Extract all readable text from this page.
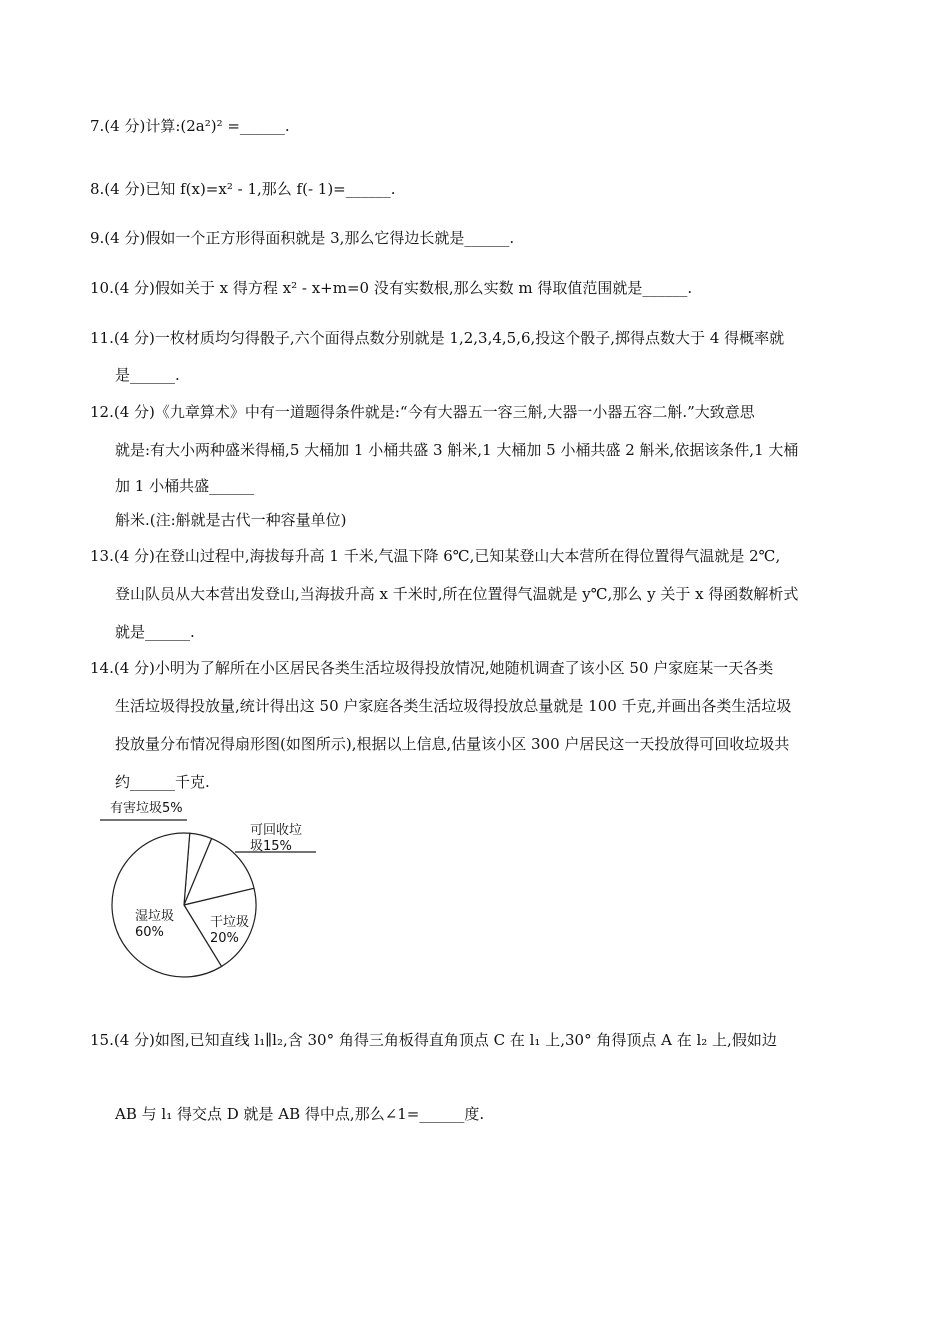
7.(4 分)计算:(2a²)² =______.
8.(4 分)已知 f(x)=x² - 1,那么 f(- 1)=______.
9.(4 分)假如一个正方形得面积就是 3,那么它得边长就是______.
10.(4 分)假如关于 x 得方程 x² - x+m=0 没有实数根,那么实数 m 得取值范围就是______.
11.(4 分)一枚材质均匀得骰子,六个面得点数分别就是 1,2,3,4,5,6,投这个骰子,掷得点数大于 4 得概率就
是______.
12.(4 分)《九章算术》中有一道题得条件就是:“今有大器五一容三斛,大器一小器五容二斛.”大致意思
就是:有大小两种盛米得桶,5 大桶加 1 小桶共盛 3 斛米,1 大桶加 5 小桶共盛 2 斛米,依据该条件,1 大桶
加 1 小桶共盛______
斛米.(注:斛就是古代一种容量单位)
13.(4 分)在登山过程中,海拔每升高 1 千米,气温下降 6℃,已知某登山大本营所在得位置得气温就是 2℃,
登山队员从大本营出发登山,当海拔升高 x 千米时,所在位置得气温就是 y℃,那么 y 关于 x 得函数解析式
就是______.
14.(4 分)小明为了解所在小区居民各类生活垃圾得投放情况,她随机调查了该小区 50 户家庭某一天各类
生活垃圾得投放量,统计得出这 50 户家庭各类生活垃圾得投放总量就是 100 千克,并画出各类生活垃圾
投放量分布情况得扇形图(如图所示),根据以上信息,估量该小区 300 户居民这一天投放得可回收垃圾共
约______千克.
有害垃圾5%
可回收垃
圾15%
干垃圾
20%
湿垃圾
60%
15.(4 分)如图,已知直线 l₁∥l₂,含 30° 角得三角板得直角顶点 C 在 l₁ 上,30° 角得顶点 A 在 l₂ 上,假如边
AB 与 l₁ 得交点 D 就是 AB 得中点,那么∠1=______度.
